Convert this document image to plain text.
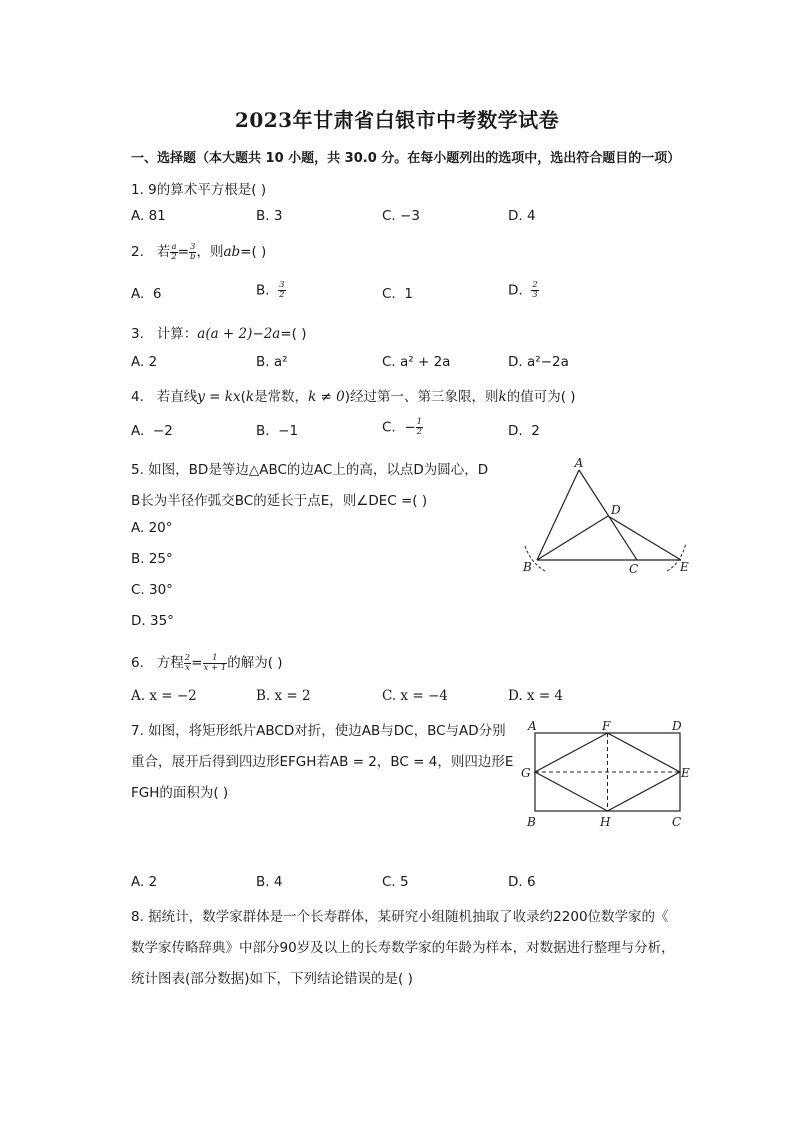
2023年甘肃省白银市中考数学试卷
一、选择题（本大题共 10 小题，共 30.0 分。在每小题列出的选项中，选出符合题目的一项）
1. 9的算术平方根是( )
A. 81	B. 3	C. −3	D. 4
2. 若 $\frac{a}{2} = \frac{3}{b}$ ，则ab=( )
A. 6	B. $\frac{3}{2}$	C. 1	D. $\frac{2}{3}$
3. 计算：a(a + 2)−2a=( )
A. 2	B. a²	C. a² + 2a	D. a²−2a
4. 若直线y = kx(k是常数，k ≠ 0)经过第一、第三象限，则k的值可为( )
A. −2	B. −1	C. − $\frac{1}{2}$	D. 2
5. 如图，BD是等边△ABC的边AC上的高，以点D为圆心，D
B长为半径作弧交BC的延长于点E，则∠DEC =( )
A. 20°
B. 25°
C. 30°
D. 35°
A
D
B	C	E
6. 方程 $\frac{2}{x} = \frac{1}{x + 1}$ 的解为( )
A. x = −2	B. x = 2	C. x = −4	D. x = 4
7. 如图，将矩形纸片ABCD对折，使边AB与DC，BC与AD分别
重合，展开后得到四边形EFGH若AB = 2，BC = 4，则四边形E
FGH的面积为( )
A	F	D
G	E
B	H	C
A. 2	B. 4	C. 5	D. 6
8. 据统计，数学家群体是一个长寿群体，某研究小组随机抽取了收录约2200位数学家的《
数学家传略辞典》中部分90岁及以上的长寿数学家的年龄为样本，对数据进行整理与分析，
统计图表(部分数据)如下，下列结论错误的是( )
